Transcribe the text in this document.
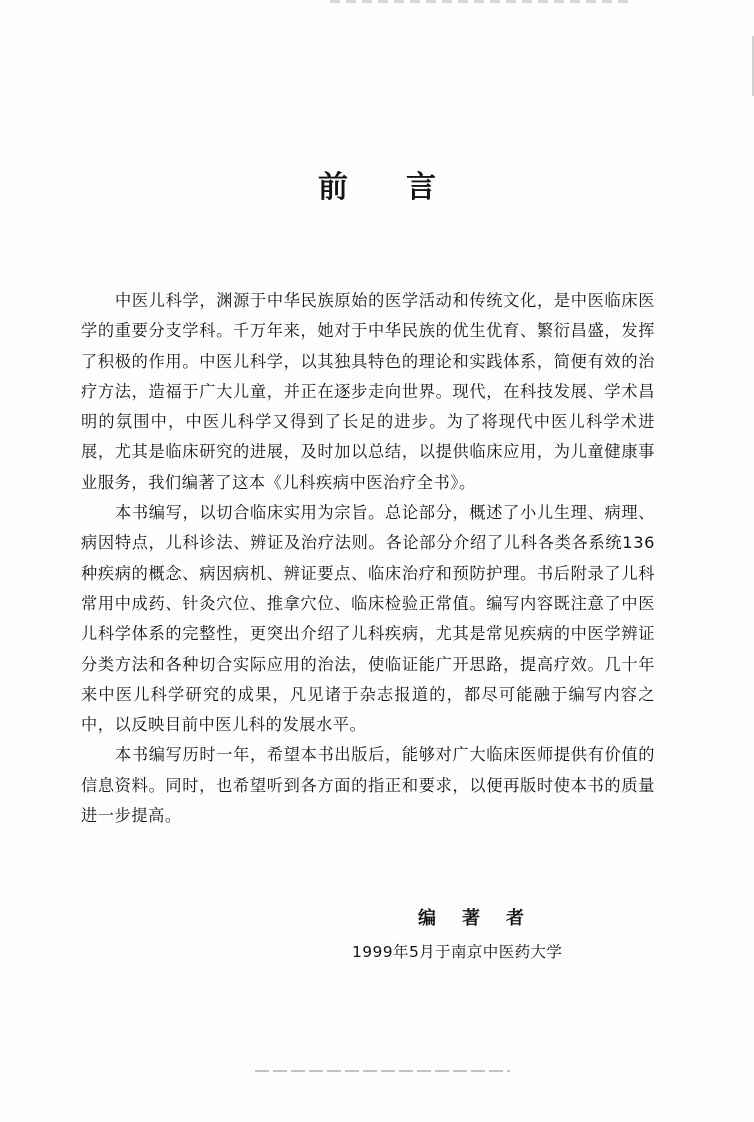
前言

中医儿科学，渊源于中华民族原始的医学活动和传统文化，是中医临床医学的重要分支学科。千万年来，她对于中华民族的优生优育、繁衍昌盛，发挥了积极的作用。中医儿科学，以其独具特色的理论和实践体系，简便有效的治疗方法，造福于广大儿童，并正在逐步走向世界。现代，在科技发展、学术昌明的氛围中，中医儿科学又得到了长足的进步。为了将现代中医儿科学术进展，尤其是临床研究的进展，及时加以总结，以提供临床应用，为儿童健康事业服务，我们编著了这本《儿科疾病中医治疗全书》。

本书编写，以切合临床实用为宗旨。总论部分，概述了小儿生理、病理、病因特点，儿科诊法、辨证及治疗法则。各论部分介绍了儿科各类各系统136种疾病的概念、病因病机、辨证要点、临床治疗和预防护理。书后附录了儿科常用中成药、针灸穴位、推拿穴位、临床检验正常值。编写内容既注意了中医儿科学体系的完整性，更突出介绍了儿科疾病，尤其是常见疾病的中医学辨证分类方法和各种切合实际应用的治法，使临证能广开思路，提高疗效。几十年来中医儿科学研究的成果，凡见诸于杂志报道的，都尽可能融于编写内容之中，以反映目前中医儿科的发展水平。

本书编写历时一年，希望本书出版后，能够对广大临床医师提供有价值的信息资料。同时，也希望听到各方面的指正和要求，以便再版时使本书的质量进一步提高。

编著者
1999年5月于南京中医药大学
